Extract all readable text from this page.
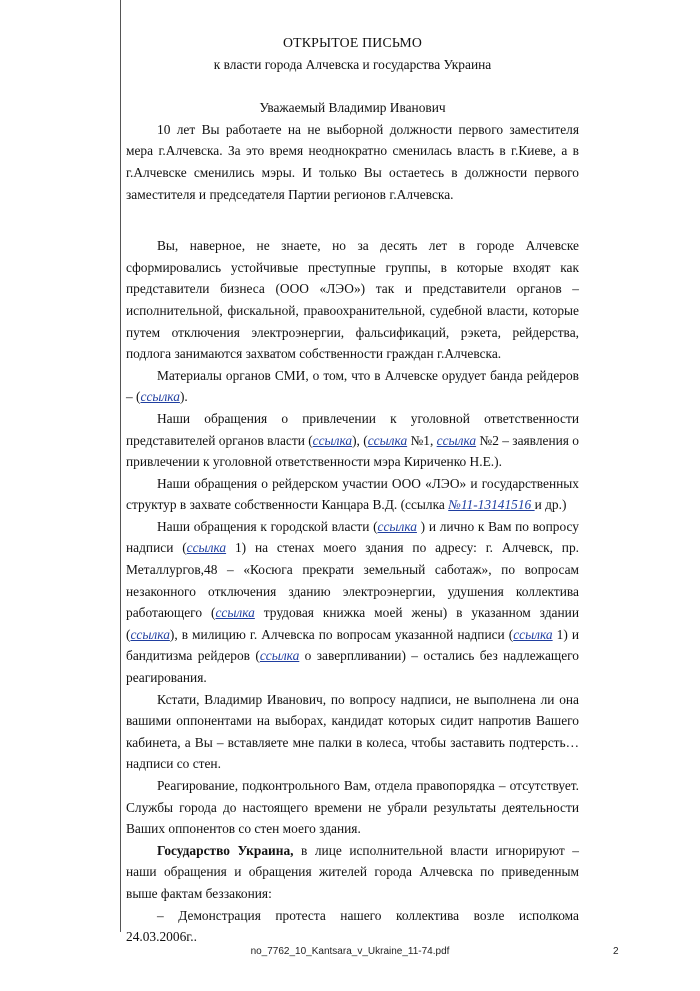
ОТКРЫТОЕ ПИСЬМО

к власти города Алчевска и государства Украина

Уважаемый Владимир Иванович

10 лет Вы работаете на не выборной должности первого заместителя мера г.Алчевска. За это время неоднократно сменилась власть в г.Киеве, а в г.Алчевске сменились мэры. И только Вы остаетесь в должности первого заместителя и председателя Партии регионов г.Алчевска.

Вы, наверное, не знаете, но за десять лет в городе Алчевске сформировались устойчивые преступные группы, в которые входят как представители бизнеса (ООО «ЛЭО») так и представители органов – исполнительной, фискальной, правоохранительной, судебной власти, которые путем отключения электроэнергии, фальсификаций, рэкета, рейдерства, подлога занимаются захватом собственности граждан г.Алчевска.

Материалы органов СМИ, о том, что в Алчевске орудует банда рейдеров – (ссылка).

Наши обращения о привлечении к уголовной ответственности представителей органов власти (ссылка), (ссылка №1, ссылка №2 – заявления о привлечении к уголовной ответственности мэра Кириченко Н.Е.).

Наши обращения о рейдерском участии ООО «ЛЭО» и государственных структур в захвате собственности Канцара В.Д. (ссылка №11-13141516 и др.)

Наши обращения к городской власти (ссылка ) и лично к Вам по вопросу надписи (ссылка 1) на стенах моего здания по адресу: г. Алчевск, пр. Металлургов,48 – «Косюга прекрати земельный саботаж», по вопросам незаконного отключения зданию электроэнергии, удушения коллектива работающего (ссылка трудовая книжка моей жены) в указанном здании (ссылка), в милицию г. Алчевска по вопросам указанной надписи (ссылка 1) и бандитизма рейдеров (ссылка о заверпливании) – остались без надлежащего реагирования.

Кстати, Владимир Иванович, по вопросу надписи, не выполнена ли она вашими оппонентами на выборах, кандидат которых сидит напротив Вашего кабинета, а Вы – вставляете мне палки в колеса, чтобы заставить подтерсть… надписи со стен.

Реагирование, подконтрольного Вам, отдела правопорядка – отсутствует. Службы города до настоящего времени не убрали результаты деятельности Ваших оппонентов со стен моего здания.

Государство Украина, в лице исполнительной власти игнорируют – наши обращения и обращения жителей города Алчевска по приведенным выше фактам беззакония:

– Демонстрация протеста нашего коллектива возле исполкома 24.03.2006г..

no_7762_10_Kantsara_v_Ukraine_11-74.pdf	2
